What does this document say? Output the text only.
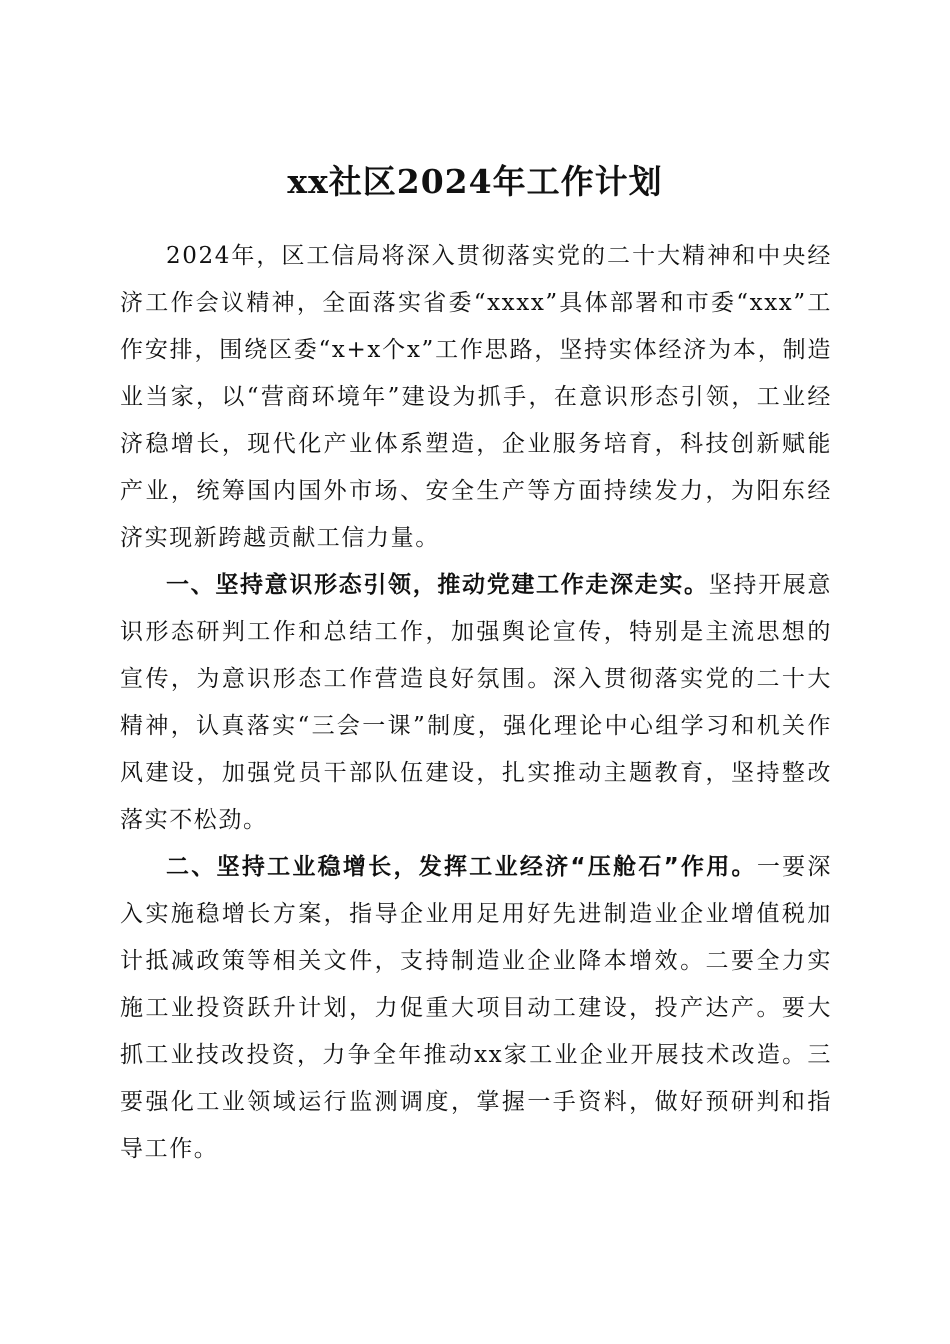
xx社区2024年工作计划

2024年，区工信局将深入贯彻落实党的二十大精神和中央经济工作会议精神，全面落实省委“xxxx”具体部署和市委“xxx”工作安排，围绕区委“x+x个x”工作思路，坚持实体经济为本，制造业当家，以“营商环境年”建设为抓手，在意识形态引领，工业经济稳增长，现代化产业体系塑造，企业服务培育，科技创新赋能产业，统筹国内国外市场、安全生产等方面持续发力，为阳东经济实现新跨越贡献工信力量。

一、坚持意识形态引领，推动党建工作走深走实。坚持开展意识形态研判工作和总结工作，加强舆论宣传，特别是主流思想的宣传，为意识形态工作营造良好氛围。深入贯彻落实党的二十大精神，认真落实“三会一课”制度，强化理论中心组学习和机关作风建设，加强党员干部队伍建设，扎实推动主题教育，坚持整改落实不松劲。

二、坚持工业稳增长，发挥工业经济“压舱石”作用。一要深入实施稳增长方案，指导企业用足用好先进制造业企业增值税加计抵减政策等相关文件，支持制造业企业降本增效。二要全力实施工业投资跃升计划，力促重大项目动工建设，投产达产。要大抓工业技改投资，力争全年推动xx家工业企业开展技术改造。三要强化工业领域运行监测调度，掌握一手资料，做好预研判和指导工作。
